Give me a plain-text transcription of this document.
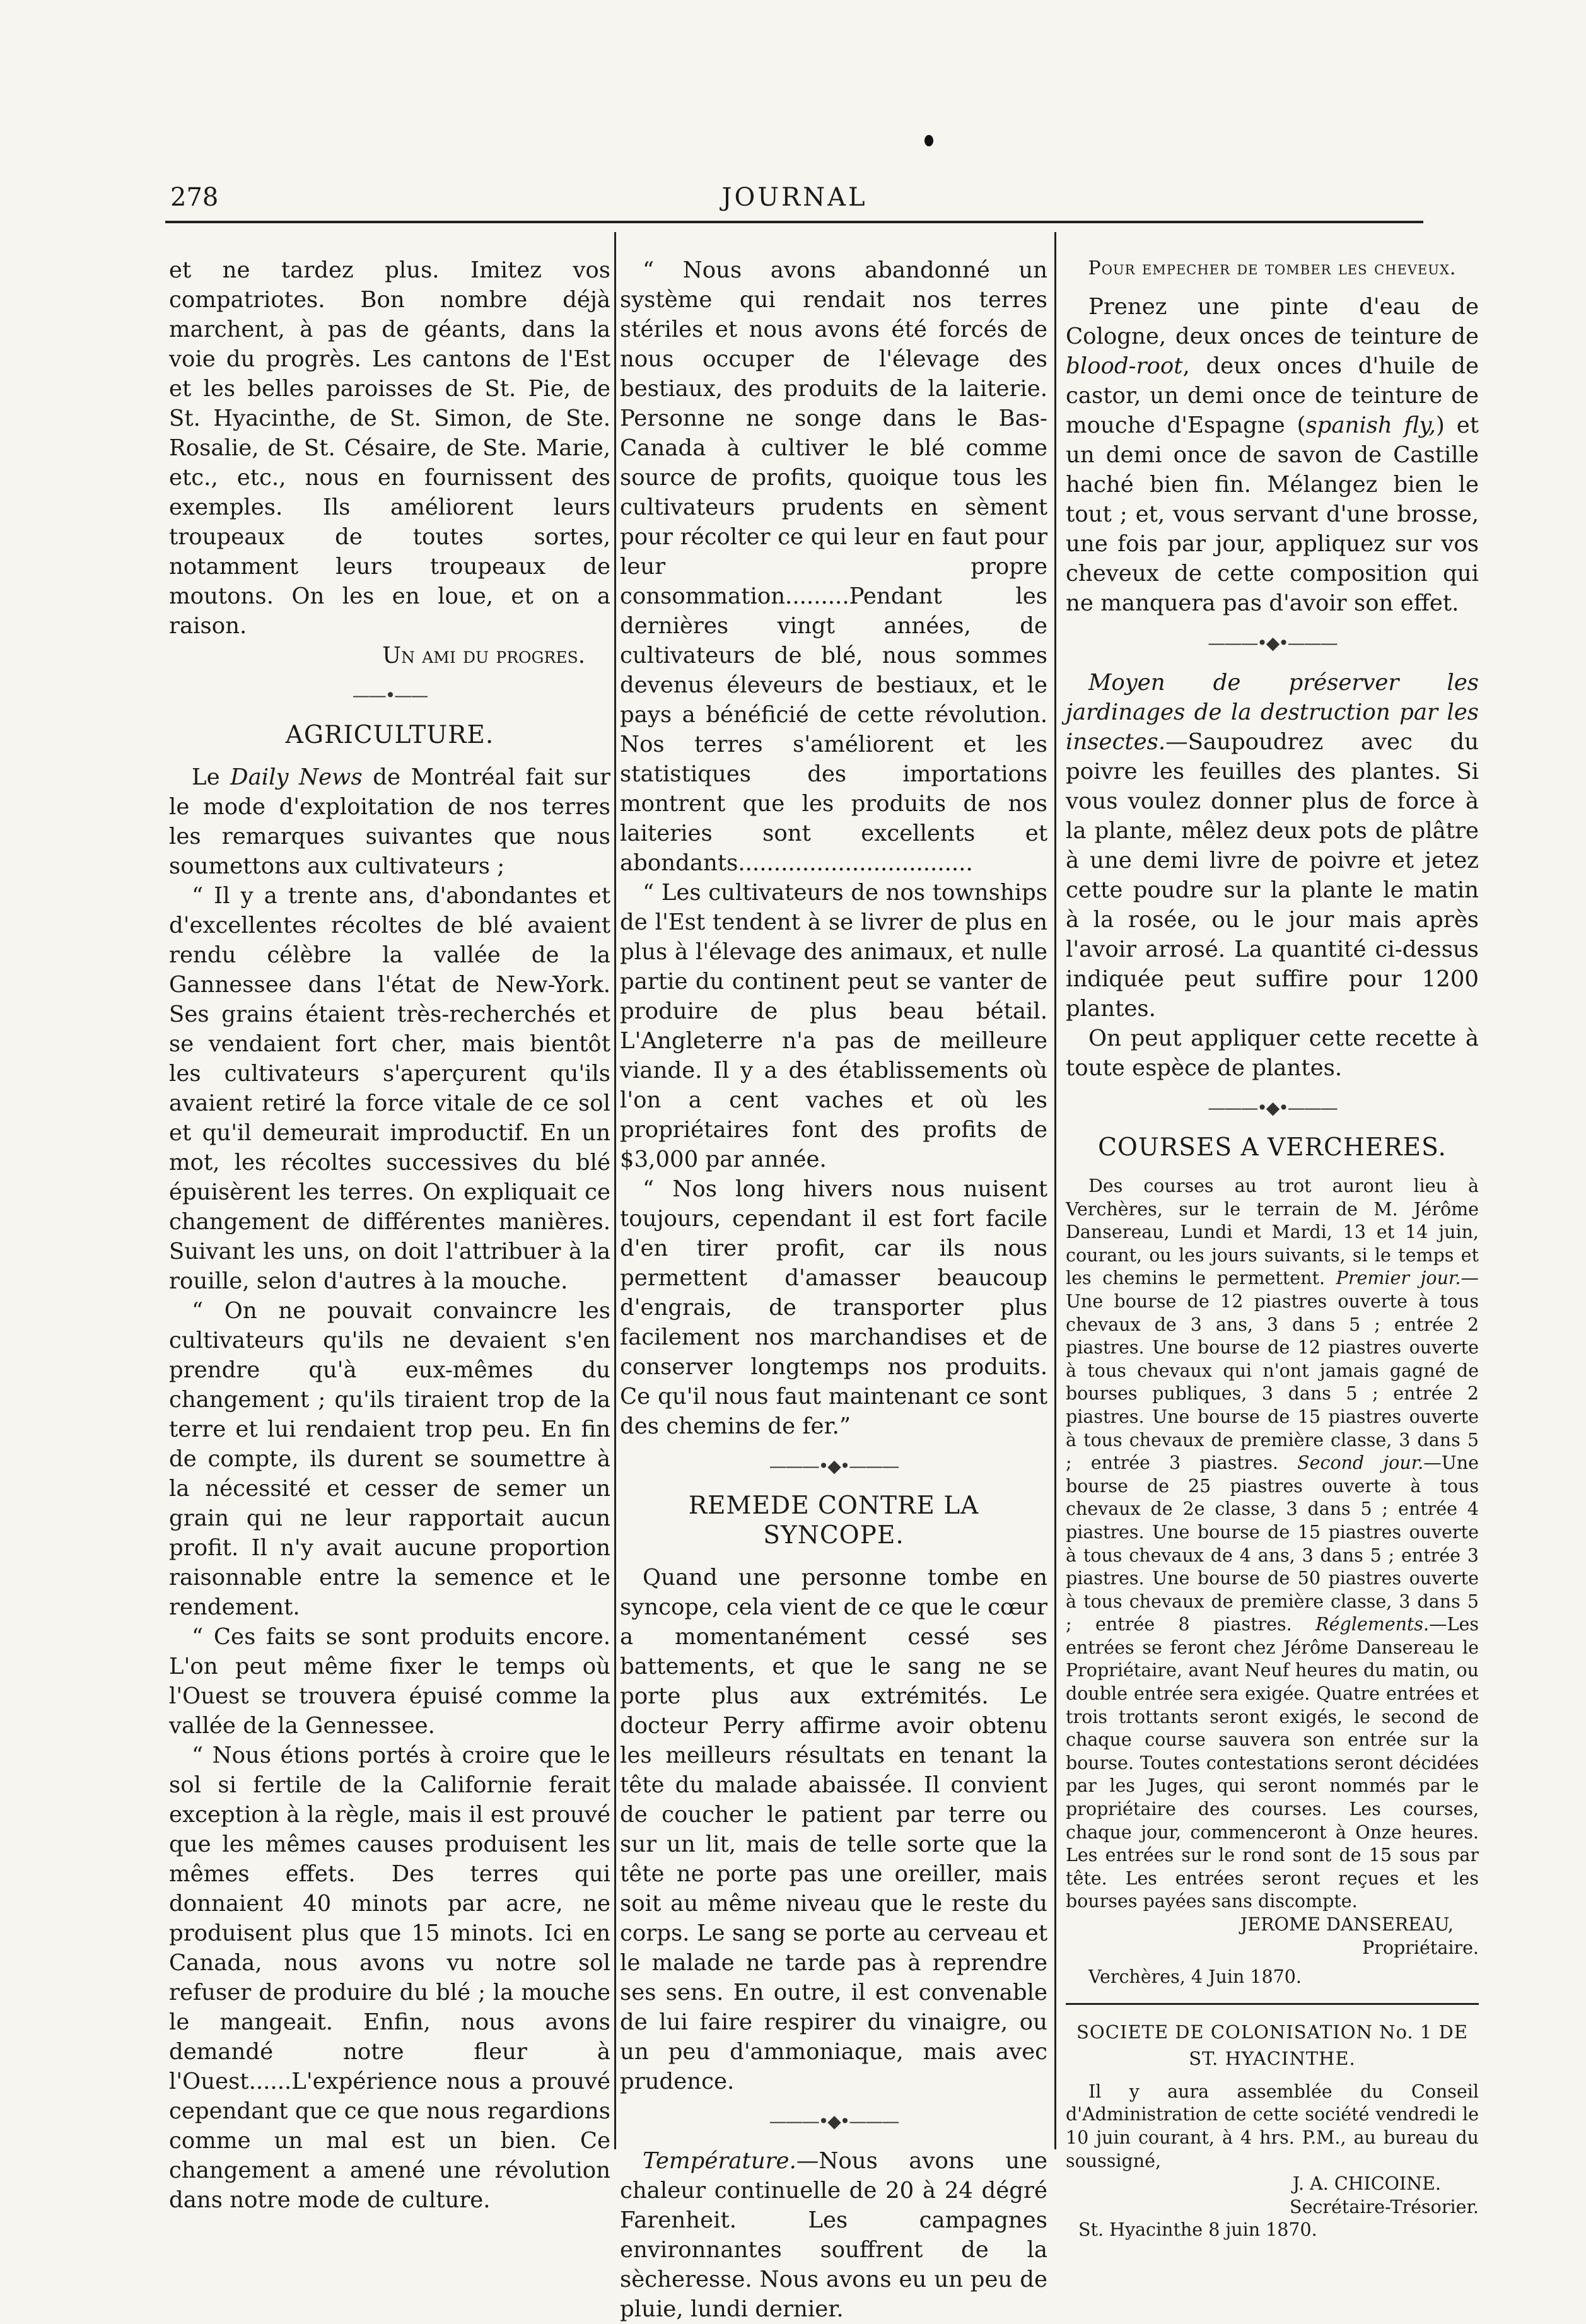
278	JOURNAL

et ne tardez plus. Imitez vos compatriotes. Bon nombre déjà marchent, à pas de géants, dans la voie du progrès. Les cantons de l'Est et les belles paroisses de St. Pie, de St. Hyacinthe, de St. Simon, de Ste. Rosalie, de St. Césaire, de Ste. Marie, etc., etc., nous en fournissent des exemples. Ils améliorent leurs troupeaux de toutes sortes, notamment leurs troupeaux de moutons. On les en loue, et on a raison.

Un ami du progres.

——•——
AGRICULTURE.

Le Daily News de Montréal fait sur le mode d'exploitation de nos terres les remarques suivantes que nous soumettons aux cultivateurs ;

“ Il y a trente ans, d'abondantes et d'excellentes récoltes de blé avaient rendu célèbre la vallée de la Gannessee dans l'état de New-York. Ses grains étaient très-recherchés et se vendaient fort cher, mais bientôt les cultivateurs s'aperçurent qu'ils avaient retiré la force vitale de ce sol et qu'il demeurait improductif. En un mot, les récoltes successives du blé épuisèrent les terres. On expliquait ce changement de différentes manières. Suivant les uns, on doit l'attribuer à la rouille, selon d'autres à la mouche.

“ On ne pouvait convaincre les cultivateurs qu'ils ne devaient s'en prendre qu'à eux-mêmes du changement ; qu'ils tiraient trop de la terre et lui rendaient trop peu. En fin de compte, ils durent se soumettre à la nécessité et cesser de semer un grain qui ne leur rapportait aucun profit. Il n'y avait aucune proportion raisonnable entre la semence et le rendement.

“ Ces faits se sont produits encore. L'on peut même fixer le temps où l'Ouest se trouvera épuisé comme la vallée de la Gennessee.

“ Nous étions portés à croire que le sol si fertile de la Californie ferait exception à la règle, mais il est prouvé que les mêmes causes produisent les mêmes effets. Des terres qui donnaient 40 minots par acre, ne produisent plus que 15 minots. Ici en Canada, nous avons vu notre sol refuser de produire du blé ; la mouche le mangeait. Enfin, nous avons demandé notre fleur à l'Ouest......L'expérience nous a prouvé cependant que ce que nous regardions comme un mal est un bien. Ce changement a amené une révolution dans notre mode de culture.

“ Nous avons abandonné un système qui rendait nos terres stériles et nous avons été forcés de nous occuper de l'élevage des bestiaux, des produits de la laiterie. Personne ne songe dans le Bas-Canada à cultiver le blé comme source de profits, quoique tous les cultivateurs prudents en sèment pour récolter ce qui leur en faut pour leur propre consommation.........Pendant les dernières vingt années, de cultivateurs de blé, nous sommes devenus éleveurs de bestiaux, et le pays a bénéficié de cette révolution. Nos terres s'améliorent et les statistiques des importations montrent que les produits de nos laiteries sont excellents et abondants.................................

“ Les cultivateurs de nos townships de l'Est tendent à se livrer de plus en plus à l'élevage des animaux, et nulle partie du continent peut se vanter de produire de plus beau bétail. L'Angleterre n'a pas de meilleure viande. Il y a des établissements où l'on a cent vaches et où les propriétaires font des profits de $3,000 par année.

“ Nos long hivers nous nuisent toujours, cependant il est fort facile d'en tirer profit, car ils nous permettent d'amasser beaucoup d'engrais, de transporter plus facilement nos marchandises et de conserver longtemps nos produits. Ce qu'il nous faut maintenant ce sont des chemins de fer.”

———•◆•———
REMEDE CONTRE LA SYNCOPE.

Quand une personne tombe en syncope, cela vient de ce que le cœur a momentanément cessé ses battements, et que le sang ne se porte plus aux extrémités. Le docteur Perry affirme avoir obtenu les meilleurs résultats en tenant la tête du malade abaissée. Il convient de coucher le patient par terre ou sur un lit, mais de telle sorte que la tête ne porte pas une oreiller, mais soit au même niveau que le reste du corps. Le sang se porte au cerveau et le malade ne tarde pas à reprendre ses sens. En outre, il est convenable de lui faire respirer du vinaigre, ou un peu d'ammoniaque, mais avec prudence.

———•◆•———

Température.—Nous avons une chaleur continuelle de 20 à 24 dégré Farenheit. Les campagnes environnantes souffrent de la sècheresse. Nous avons eu un peu de pluie, lundi dernier.

Pour empecher de tomber les cheveux.

Prenez une pinte d'eau de Cologne, deux onces de teinture de blood-root, deux onces d'huile de castor, un demi once de teinture de mouche d'Espagne (spanish fly,) et un demi once de savon de Castille haché bien fin. Mélangez bien le tout ; et, vous servant d'une brosse, une fois par jour, appliquez sur vos cheveux de cette composition qui ne manquera pas d'avoir son effet.

———•◆•———

Moyen de préserver les jardinages de la destruction par les insectes.—Saupoudrez avec du poivre les feuilles des plantes. Si vous voulez donner plus de force à la plante, mêlez deux pots de plâtre à une demi livre de poivre et jetez cette poudre sur la plante le matin à la rosée, ou le jour mais après l'avoir arrosé. La quantité ci-dessus indiquée peut suffire pour 1200 plantes.

On peut appliquer cette recette à toute espèce de plantes.

———•◆•———
COURSES A VERCHERES.

Des courses au trot auront lieu à Verchères, sur le terrain de M. Jérôme Dansereau, Lundi et Mardi, 13 et 14 juin, courant, ou les jours suivants, si le temps et les chemins le permettent. Premier jour.—Une bourse de 12 piastres ouverte à tous chevaux de 3 ans, 3 dans 5 ; entrée 2 piastres. Une bourse de 12 piastres ouverte à tous chevaux qui n'ont jamais gagné de bourses publiques, 3 dans 5 ; entrée 2 piastres. Une bourse de 15 piastres ouverte à tous chevaux de première classe, 3 dans 5 ; entrée 3 piastres. Second jour.—Une bourse de 25 piastres ouverte à tous chevaux de 2e classe, 3 dans 5 ; entrée 4 piastres. Une bourse de 15 piastres ouverte à tous chevaux de 4 ans, 3 dans 5 ; entrée 3 piastres. Une bourse de 50 piastres ouverte à tous chevaux de première classe, 3 dans 5 ; entrée 8 piastres. Réglements.—Les entrées se feront chez Jérôme Dansereau le Propriétaire, avant Neuf heures du matin, ou double entrée sera exigée. Quatre entrées et trois trottants seront exigés, le second de chaque course sauvera son entrée sur la bourse. Toutes contestations seront décidées par les Juges, qui seront nommés par le propriétaire des courses. Les courses, chaque jour, commenceront à Onze heures. Les entrées sur le rond sont de 15 sous par tête. Les entrées seront reçues et les bourses payées sans discompte.

JEROME DANSEREAU,

Propriétaire.

Verchères, 4 Juin 1870.

SOCIETE DE COLONISATION No. 1 DE
ST. HYACINTHE.

Il y aura assemblée du Conseil d'Administration de cette société vendredi le 10 juin courant, à 4 hrs. P.M., au bureau du soussigné,

J. A. CHICOINE.

Secrétaire-Trésorier.

St. Hyacinthe 8 juin 1870.
